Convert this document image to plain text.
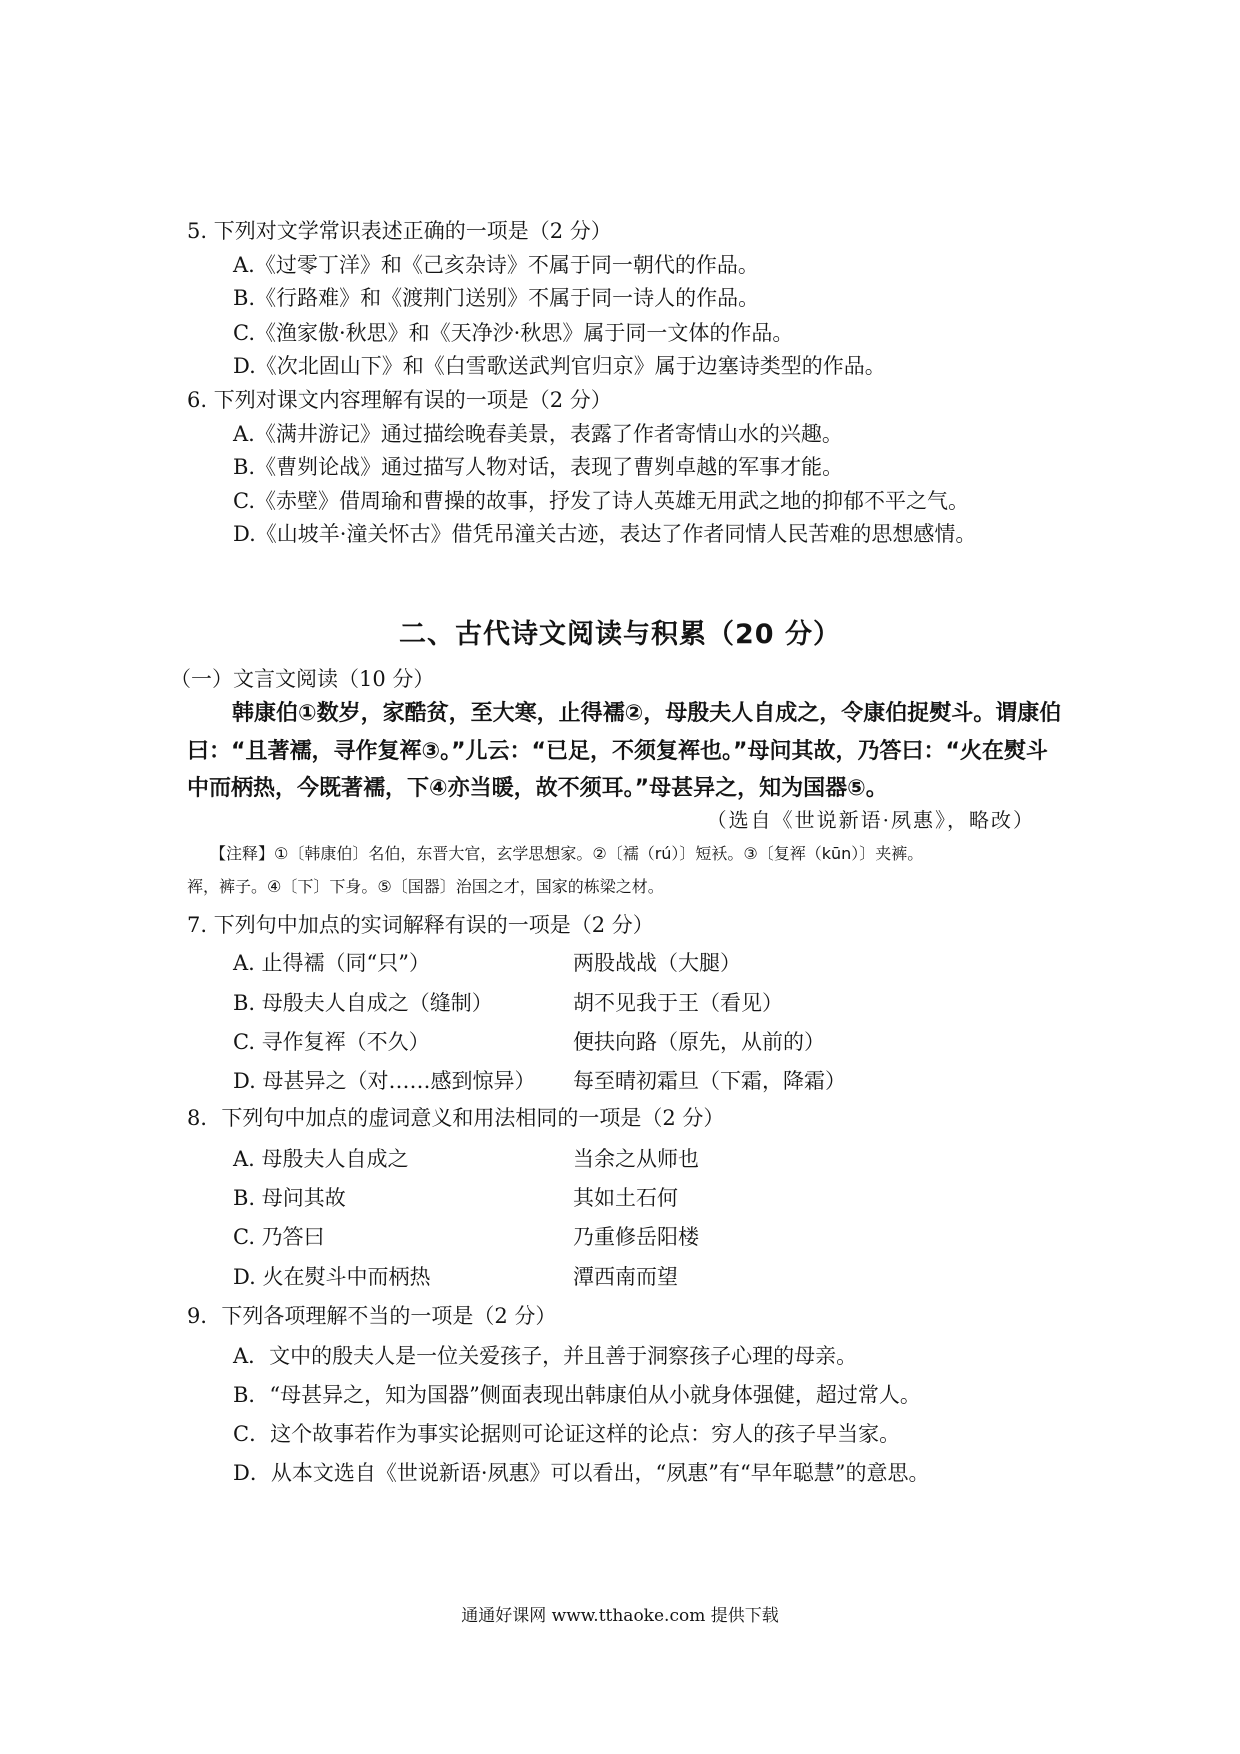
5. 下列对文学常识表述正确的一项是（2 分）
A.《过零丁洋》和《己亥杂诗》不属于同一朝代的作品。
B.《行路难》和《渡荆门送别》不属于同一诗人的作品。
C.《渔家傲·秋思》和《天净沙·秋思》属于同一文体的作品。
D.《次北固山下》和《白雪歌送武判官归京》属于边塞诗类型的作品。
6. 下列对课文内容理解有误的一项是（2 分）
A.《满井游记》通过描绘晚春美景，表露了作者寄情山水的兴趣。
B.《曹刿论战》通过描写人物对话，表现了曹刿卓越的军事才能。
C.《赤壁》借周瑜和曹操的故事，抒发了诗人英雄无用武之地的抑郁不平之气。
D.《山坡羊·潼关怀古》借凭吊潼关古迹，表达了作者同情人民苦难的思想感情。
二、古代诗文阅读与积累（20 分）
（一）文言文阅读（10 分）
韩康伯①数岁，家酷贫，至大寒，止得襦②，母殷夫人自成之，令康伯捉熨斗。谓康伯
曰：“且著襦，寻作复裈③。”儿云：“已足，不须复裈也。”母问其故，乃答曰：“火在熨斗
中而柄热，今既著襦，下④亦当暖，故不须耳。”母甚异之，知为国器⑤。
（选自《世说新语·夙惠》，略改）
【注释】①〔韩康伯〕名伯，东晋大官，玄学思想家。②〔襦（rú）〕短袄。③〔复裈（kūn）〕夹裤。
裈，裤子。④〔下〕下身。⑤〔国器〕治国之才，国家的栋梁之材。
7. 下列句中加点的实词解释有误的一项是（2 分）
A. 止得襦（同“只”）	两股战战（大腿）
B. 母殷夫人自成之（缝制）	胡不见我于王（看见）
C. 寻作复裈（不久）	便扶向路（原先，从前的）
D. 母甚异之（对……感到惊异） 每至晴初霜旦（下霜，降霜）
8．下列句中加点的虚词意义和用法相同的一项是（2 分）
A. 母殷夫人自成之	当余之从师也
B. 母问其故	其如土石何
C. 乃答曰	乃重修岳阳楼
D. 火在熨斗中而柄热	潭西南而望
9．下列各项理解不当的一项是（2 分）
A．文中的殷夫人是一位关爱孩子，并且善于洞察孩子心理的母亲。
B．“母甚异之，知为国器”侧面表现出韩康伯从小就身体强健，超过常人。
C．这个故事若作为事实论据则可论证这样的论点：穷人的孩子早当家。
D．从本文选自《世说新语·夙惠》可以看出，“夙惠”有“早年聪慧”的意思。
通通好课网 www.tthaoke.com 提供下载
